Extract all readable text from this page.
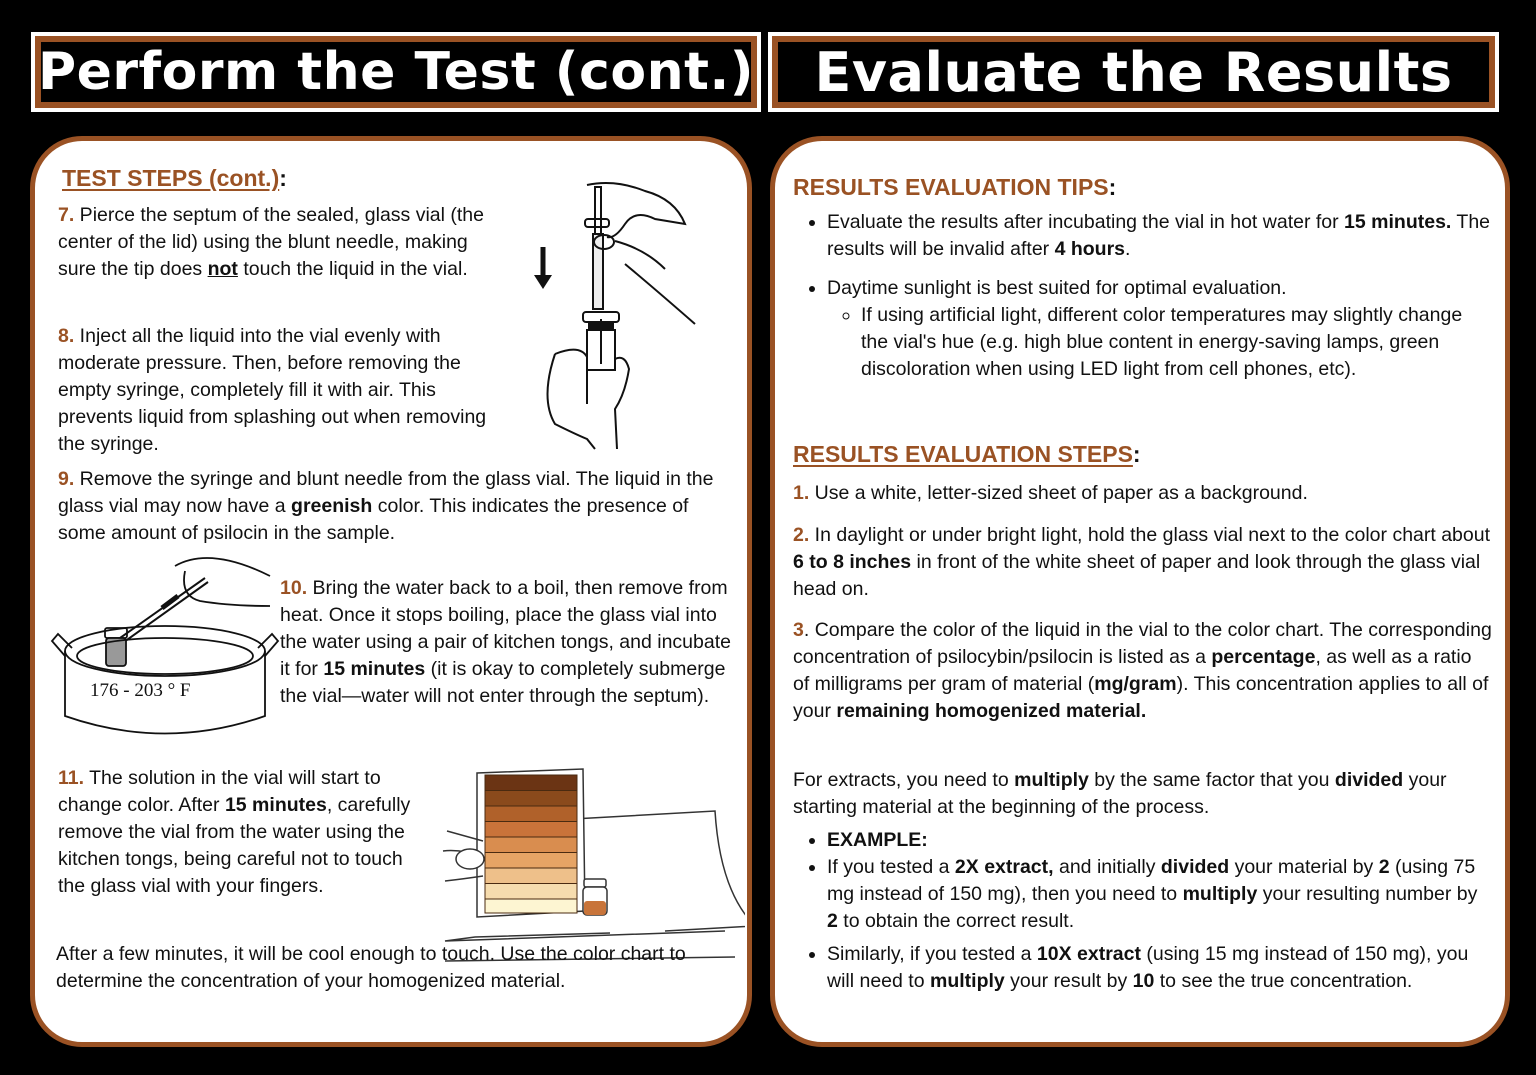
Perform the Test (cont.) Evaluate the Results
TEST STEPS (cont.):
7. Pierce the septum of the sealed, glass vial (the center of the lid) using the blunt needle, making sure the tip does not touch the liquid in the vial.
8. Inject all the liquid into the vial evenly with moderate pressure. Then, before removing the empty syringe, completely fill it with air. This prevents liquid from splashing out when removing the syringe.
9. Remove the syringe and blunt needle from the glass vial. The liquid in the glass vial may now have a greenish color. This indicates the presence of some amount of psilocin in the sample.
176 - 203 ° F
10. Bring the water back to a boil, then remove from heat. Once it stops boiling, place the glass vial into the water using a pair of kitchen tongs, and incubate it for 15 minutes (it is okay to completely submerge the vial—water will not enter through the septum).
11. The solution in the vial will start to change color. After 15 minutes, carefully remove the vial from the water using the kitchen tongs, being careful not to touch the glass vial with your fingers.
After a few minutes, it will be cool enough to touch. Use the color chart to determine the concentration of your homogenized material.
RESULTS EVALUATION TIPS:
• Evaluate the results after incubating the vial in hot water for 15 minutes. The results will be invalid after 4 hours.
• Daytime sunlight is best suited for optimal evaluation.
◦ If using artificial light, different color temperatures may slightly change the vial's hue (e.g. high blue content in energy-saving lamps, green discoloration when using LED light from cell phones, etc).
RESULTS EVALUATION STEPS:
1. Use a white, letter-sized sheet of paper as a background.
2. In daylight or under bright light, hold the glass vial next to the color chart about 6 to 8 inches in front of the white sheet of paper and look through the glass vial head on.
3. Compare the color of the liquid in the vial to the color chart. The corresponding concentration of psilocybin/psilocin is listed as a percentage, as well as a ratio of milligrams per gram of material (mg/gram). This concentration applies to all of your remaining homogenized material.
For extracts, you need to multiply by the same factor that you divided your starting material at the beginning of the process.
• EXAMPLE:
• If you tested a 2X extract, and initially divided your material by 2 (using 75 mg instead of 150 mg), then you need to multiply your resulting number by 2 to obtain the correct result.
• Similarly, if you tested a 10X extract (using 15 mg instead of 150 mg), you will need to multiply your result by 10 to see the true concentration.
